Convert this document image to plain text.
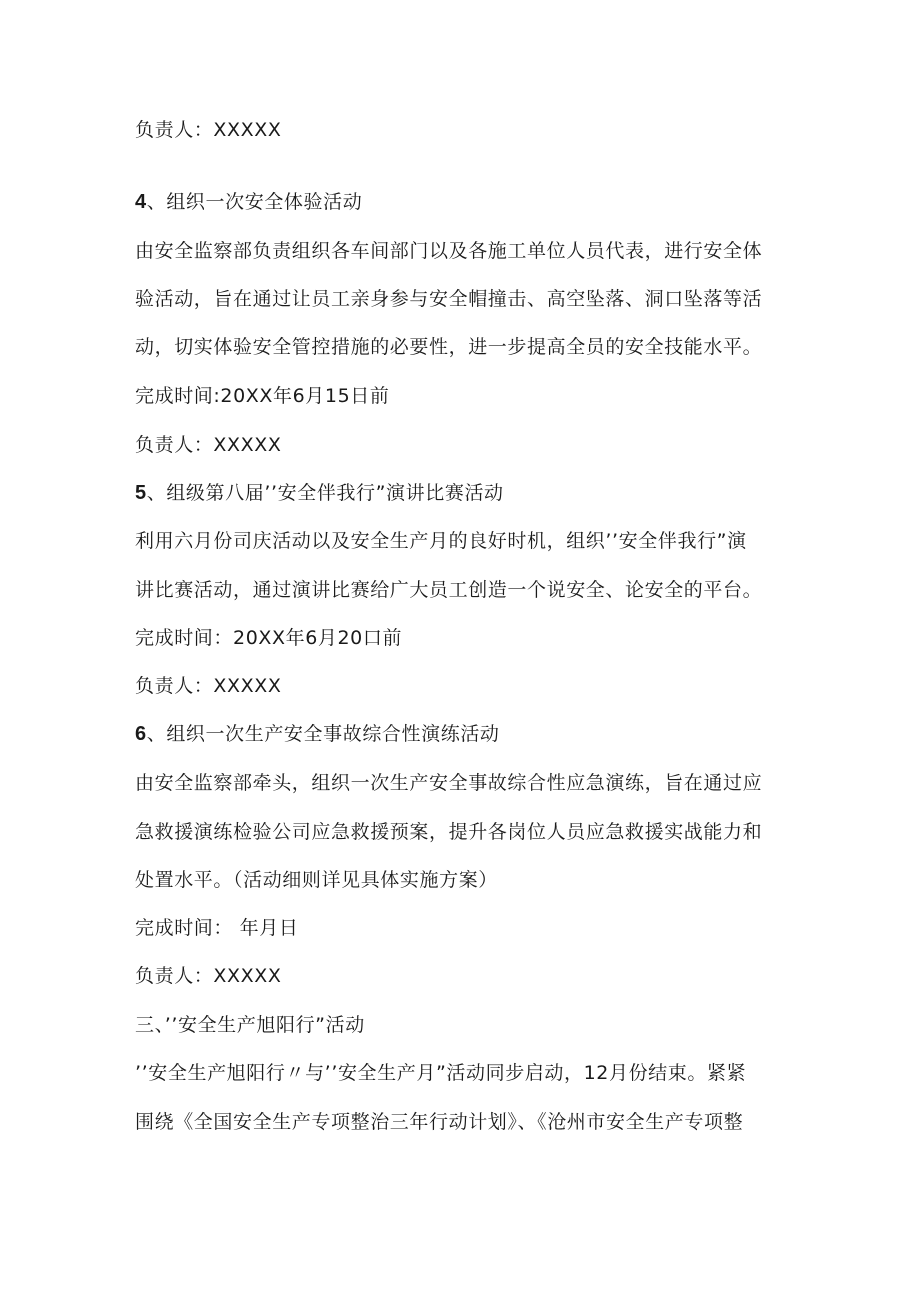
负责人：XXXXX
4、组织一次安全体验活动
由安全监察部负责组织各车间部门以及各施工单位人员代表，进行安全体
验活动，旨在通过让员工亲身参与安全帽撞击、高空坠落、洞口坠落等活
动，切实体验安全管控措施的必要性，进一步提高全员的安全技能水平。
完成时间:20XX年6月15日前
负责人：XXXXX
5、组级第八届’’安全伴我行”演讲比赛活动
利用六月份司庆活动以及安全生产月的良好时机，组织’’安全伴我行”演
讲比赛活动，通过演讲比赛给广大员工创造一个说安全、论安全的平台。
完成时间：20XX年6月20口前
负责人：XXXXX
6、组织一次生产安全事故综合性演练活动
由安全监察部牵头，组织一次生产安全事故综合性应急演练，旨在通过应
急救援演练检验公司应急救援预案，提升各岗位人员应急救援实战能力和
处置水平。（活动细则详见具体实施方案）
完成时间： 年月日
负责人：XXXXX
三、’’安全生产旭阳行”活动
’’安全生产旭阳行〃与’’安全生产月”活动同步启动，12月份结束。紧紧
围绕《全国安全生产专项整治三年行动计划》、《沧州市安全生产专项整
